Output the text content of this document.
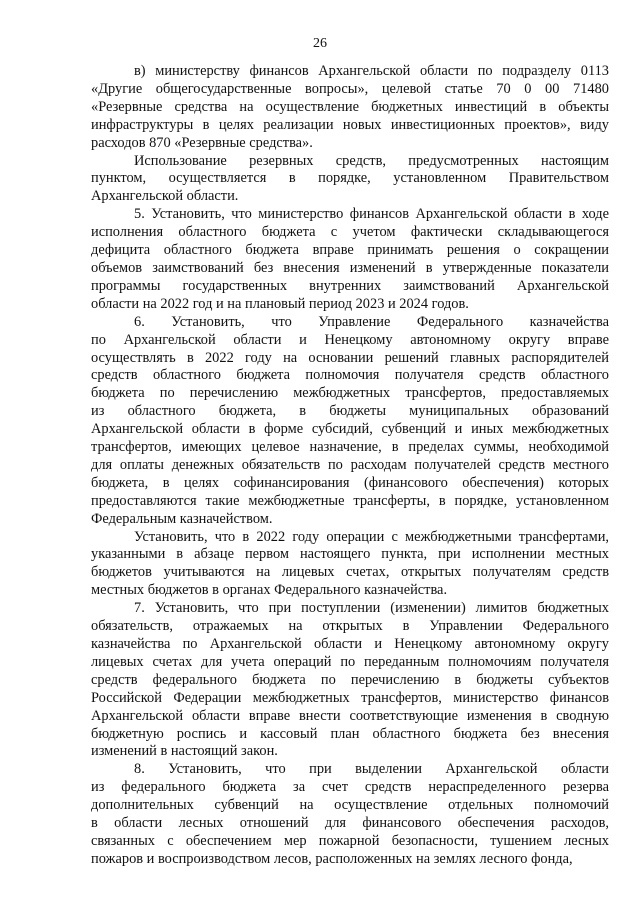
26
в) министерству финансов Архангельской области по подразделу 0113
«Другие общегосударственные вопросы», целевой статье 70 0 00 71480
«Резервные средства на осуществление бюджетных инвестиций в объекты
инфраструктуры в целях реализации новых инвестиционных проектов», виду
расходов 870 «Резервные средства».
Использование резервных средств, предусмотренных настоящим
пунктом, осуществляется в порядке, установленном Правительством
Архангельской области.
5. Установить, что министерство финансов Архангельской области в ходе
исполнения областного бюджета с учетом фактически складывающегося
дефицита областного бюджета вправе принимать решения о сокращении
объемов заимствований без внесения изменений в утвержденные показатели
программы государственных внутренних заимствований Архангельской
области на 2022 год и на плановый период 2023 и 2024 годов.
6. Установить, что Управление Федерального казначейства
по Архангельской области и Ненецкому автономному округу вправе
осуществлять в 2022 году на основании решений главных распорядителей
средств областного бюджета полномочия получателя средств областного
бюджета по перечислению межбюджетных трансфертов, предоставляемых
из областного бюджета, в бюджеты муниципальных образований
Архангельской области в форме субсидий, субвенций и иных межбюджетных
трансфертов, имеющих целевое назначение, в пределах суммы, необходимой
для оплаты денежных обязательств по расходам получателей средств местного
бюджета, в целях софинансирования (финансового обеспечения) которых
предоставляются такие межбюджетные трансферты, в порядке, установленном
Федеральным казначейством.
Установить, что в 2022 году операции с межбюджетными трансфертами,
указанными в абзаце первом настоящего пункта, при исполнении местных
бюджетов учитываются на лицевых счетах, открытых получателям средств
местных бюджетов в органах Федерального казначейства.
7. Установить, что при поступлении (изменении) лимитов бюджетных
обязательств, отражаемых на открытых в Управлении Федерального
казначейства по Архангельской области и Ненецкому автономному округу
лицевых счетах для учета операций по переданным полномочиям получателя
средств федерального бюджета по перечислению в бюджеты субъектов
Российской Федерации межбюджетных трансфертов, министерство финансов
Архангельской области вправе внести соответствующие изменения в сводную
бюджетную роспись и кассовый план областного бюджета без внесения
изменений в настоящий закон.
8. Установить, что при выделении Архангельской области
из федерального бюджета за счет средств нераспределенного резерва
дополнительных субвенций на осуществление отдельных полномочий
в области лесных отношений для финансового обеспечения расходов,
связанных с обеспечением мер пожарной безопасности, тушением лесных
пожаров и воспроизводством лесов, расположенных на землях лесного фонда,
